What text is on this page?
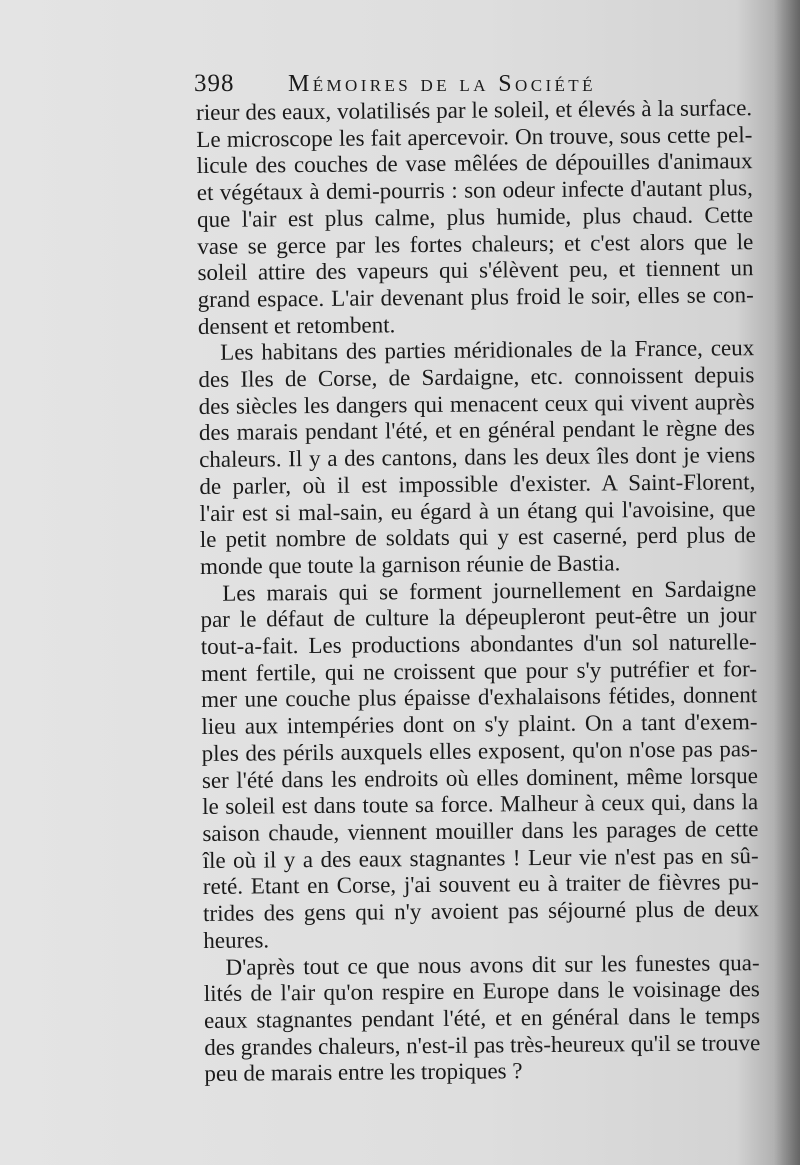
398 Mémoires de la Société
rieur des eaux, volatilisés par le soleil, et élevés à la surface.
Le microscope les fait apercevoir. On trouve, sous cette pel-
licule des couches de vase mêlées de dépouilles d'animaux
et végétaux à demi-pourris : son odeur infecte d'autant plus,
que l'air est plus calme, plus humide, plus chaud. Cette
vase se gerce par les fortes chaleurs; et c'est alors que le
soleil attire des vapeurs qui s'élèvent peu, et tiennent un
grand espace. L'air devenant plus froid le soir, elles se con-
densent et retombent.
Les habitans des parties méridionales de la France, ceux
des Iles de Corse, de Sardaigne, etc. connoissent depuis
des siècles les dangers qui menacent ceux qui vivent auprès
des marais pendant l'été, et en général pendant le règne des
chaleurs. Il y a des cantons, dans les deux îles dont je viens
de parler, où il est impossible d'exister. A Saint-Florent,
l'air est si mal-sain, eu égard à un étang qui l'avoisine, que
le petit nombre de soldats qui y est caserné, perd plus de
monde que toute la garnison réunie de Bastia.
Les marais qui se forment journellement en Sardaigne
par le défaut de culture la dépeupleront peut-être un jour
tout-a-fait. Les productions abondantes d'un sol naturelle-
ment fertile, qui ne croissent que pour s'y putréfier et for-
mer une couche plus épaisse d'exhalaisons fétides, donnent
lieu aux intempéries dont on s'y plaint. On a tant d'exem-
ples des périls auxquels elles exposent, qu'on n'ose pas pas-
ser l'été dans les endroits où elles dominent, même lorsque
le soleil est dans toute sa force. Malheur à ceux qui, dans la
saison chaude, viennent mouiller dans les parages de cette
île où il y a des eaux stagnantes ! Leur vie n'est pas en sû-
reté. Etant en Corse, j'ai souvent eu à traiter de fièvres pu-
trides des gens qui n'y avoient pas séjourné plus de deux
heures.
D'après tout ce que nous avons dit sur les funestes qua-
lités de l'air qu'on respire en Europe dans le voisinage des
eaux stagnantes pendant l'été, et en général dans le temps
des grandes chaleurs, n'est-il pas très-heureux qu'il se trouve
peu de marais entre les tropiques ?
